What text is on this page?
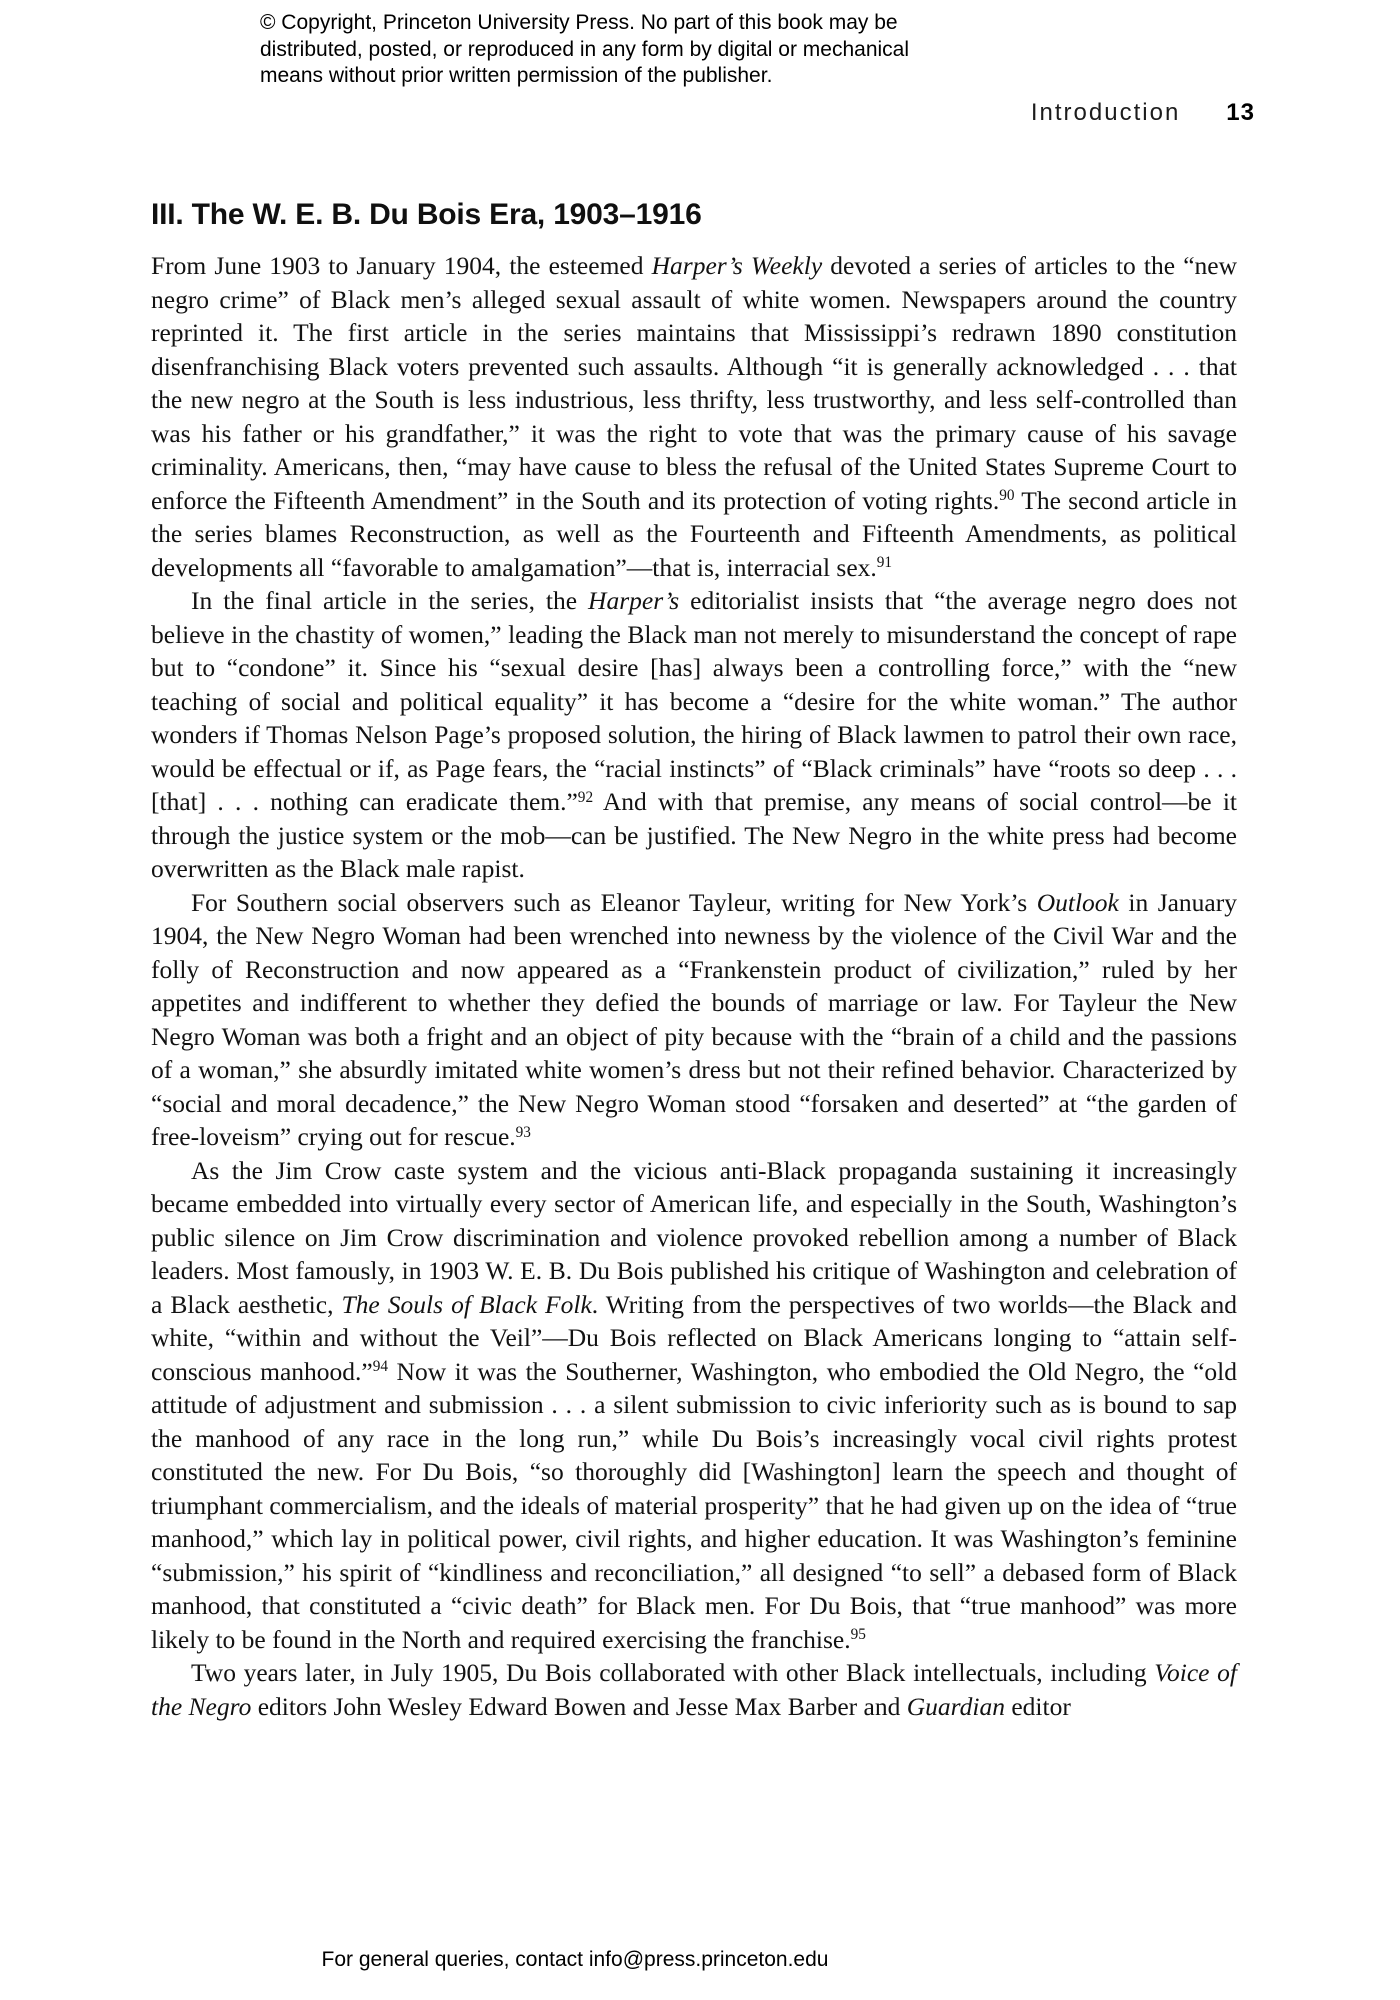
© Copyright, Princeton University Press. No part of this book may be
distributed, posted, or reproduced in any form by digital or mechanical
means without prior written permission of the publisher.
Introduction 13
III. The W. E. B. Du Bois Era, 1903–1916

From June 1903 to January 1904, the esteemed Harper’s Weekly devoted a series of articles to the “new negro crime” of Black men’s alleged sexual assault of white women. Newspapers around the country reprinted it. The first article in the series maintains that Mississippi’s redrawn 1890 constitution disenfranchising Black voters prevented such assaults. Although “it is generally acknowledged . . . that the new negro at the South is less industrious, less thrifty, less trustworthy, and less self-controlled than was his father or his grandfather,” it was the right to vote that was the primary cause of his savage criminality. Americans, then, “may have cause to bless the refusal of the United States Supreme Court to enforce the Fifteenth Amendment” in the South and its protection of voting rights.$^{90}$ The second article in the series blames Reconstruction, as well as the Fourteenth and Fifteenth Amendments, as political developments all “favorable to amalgamation”—that is, interracial sex.$^{91}$

In the final article in the series, the Harper’s editorialist insists that “the average negro does not believe in the chastity of women,” leading the Black man not merely to misunderstand the concept of rape but to “condone” it. Since his “sexual desire [has] always been a controlling force,” with the “new teaching of social and political equality” it has become a “desire for the white woman.” The author wonders if Thomas Nelson Page’s proposed solution, the hiring of Black lawmen to patrol their own race, would be effectual or if, as Page fears, the “racial instincts” of “Black criminals” have “roots so deep . . . [that] . . . nothing can eradicate them.”$^{92}$ And with that premise, any means of social control—be it through the justice system or the mob—can be justified. The New Negro in the white press had become overwritten as the Black male rapist.

For Southern social observers such as Eleanor Tayleur, writing for New York’s Outlook in January 1904, the New Negro Woman had been wrenched into newness by the violence of the Civil War and the folly of Reconstruction and now appeared as a “Frankenstein product of civilization,” ruled by her appetites and indifferent to whether they defied the bounds of marriage or law. For Tayleur the New Negro Woman was both a fright and an object of pity because with the “brain of a child and the passions of a woman,” she absurdly imitated white women’s dress but not their refined behavior. Characterized by “social and moral decadence,” the New Negro Woman stood “forsaken and deserted” at “the garden of free-loveism” crying out for rescue.$^{93}$

As the Jim Crow caste system and the vicious anti-Black propaganda sustaining it increasingly became embedded into virtually every sector of American life, and especially in the South, Washington’s public silence on Jim Crow discrimination and violence provoked rebellion among a number of Black leaders. Most famously, in 1903 W. E. B. Du Bois published his critique of Washington and celebration of a Black aesthetic, The Souls of Black Folk. Writing from the perspectives of two worlds—the Black and white, “within and without the Veil”—Du Bois reflected on Black Americans longing to “attain self-conscious manhood.”$^{94}$ Now it was the Southerner, Washington, who embodied the Old Negro, the “old attitude of adjustment and submission . . . a silent submission to civic inferiority such as is bound to sap the manhood of any race in the long run,” while Du Bois’s increasingly vocal civil rights protest constituted the new. For Du Bois, “so thoroughly did [Washington] learn the speech and thought of triumphant commercialism, and the ideals of material prosperity” that he had given up on the idea of “true manhood,” which lay in political power, civil rights, and higher education. It was Washington’s feminine “submission,” his spirit of “kindliness and reconciliation,” all designed “to sell” a debased form of Black manhood, that constituted a “civic death” for Black men. For Du Bois, that “true manhood” was more likely to be found in the North and required exercising the franchise.$^{95}$

Two years later, in July 1905, Du Bois collaborated with other Black intellectuals, including Voice of the Negro editors John Wesley Edward Bowen and Jesse Max Barber and Guardian editor

For general queries, contact info@press.princeton.edu
